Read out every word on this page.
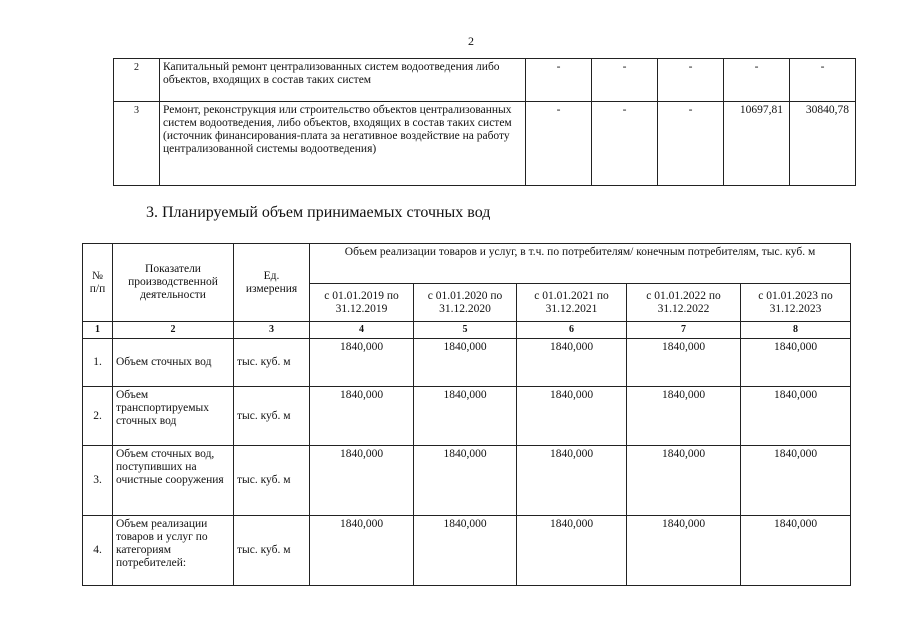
2
2	Капитальный ремонт централизованных систем водоотведения либо объектов, входящих в состав таких систем	-	-	-	-	-
3	Ремонт, реконструкция или строительство объектов централизованных систем водоотведения, либо объектов, входящих в состав таких систем (источник финансирования-плата за негативное воздействие на работу централизованной системы водоотведения)	-	-	-	10697,81	30840,78
3. Планируемый объем принимаемых сточных вод
№ п/п	Показатели производственной деятельности	Ед. измерения	Объем реализации товаров и услуг, в т.ч. по потребителям/ конечным потребителям, тыс. куб. м				
			с 01.01.2019 по 31.12.2019	с 01.01.2020 по 31.12.2020	с 01.01.2021 по 31.12.2021	с 01.01.2022 по 31.12.2022	с 01.01.2023 по 31.12.2023
1	2	3	4	5	6	7	8
1.	Объем сточных вод	тыс. куб. м	1840,000	1840,000	1840,000	1840,000	1840,000
2.	Объем транспортируемых сточных вод	тыс. куб. м	1840,000	1840,000	1840,000	1840,000	1840,000
3.	Объем сточных вод, поступивших на очистные сооружения	тыс. куб. м	1840,000	1840,000	1840,000	1840,000	1840,000
4.	Объем реализации товаров и услуг по категориям потребителей:	тыс. куб. м	1840,000	1840,000	1840,000	1840,000	1840,000
